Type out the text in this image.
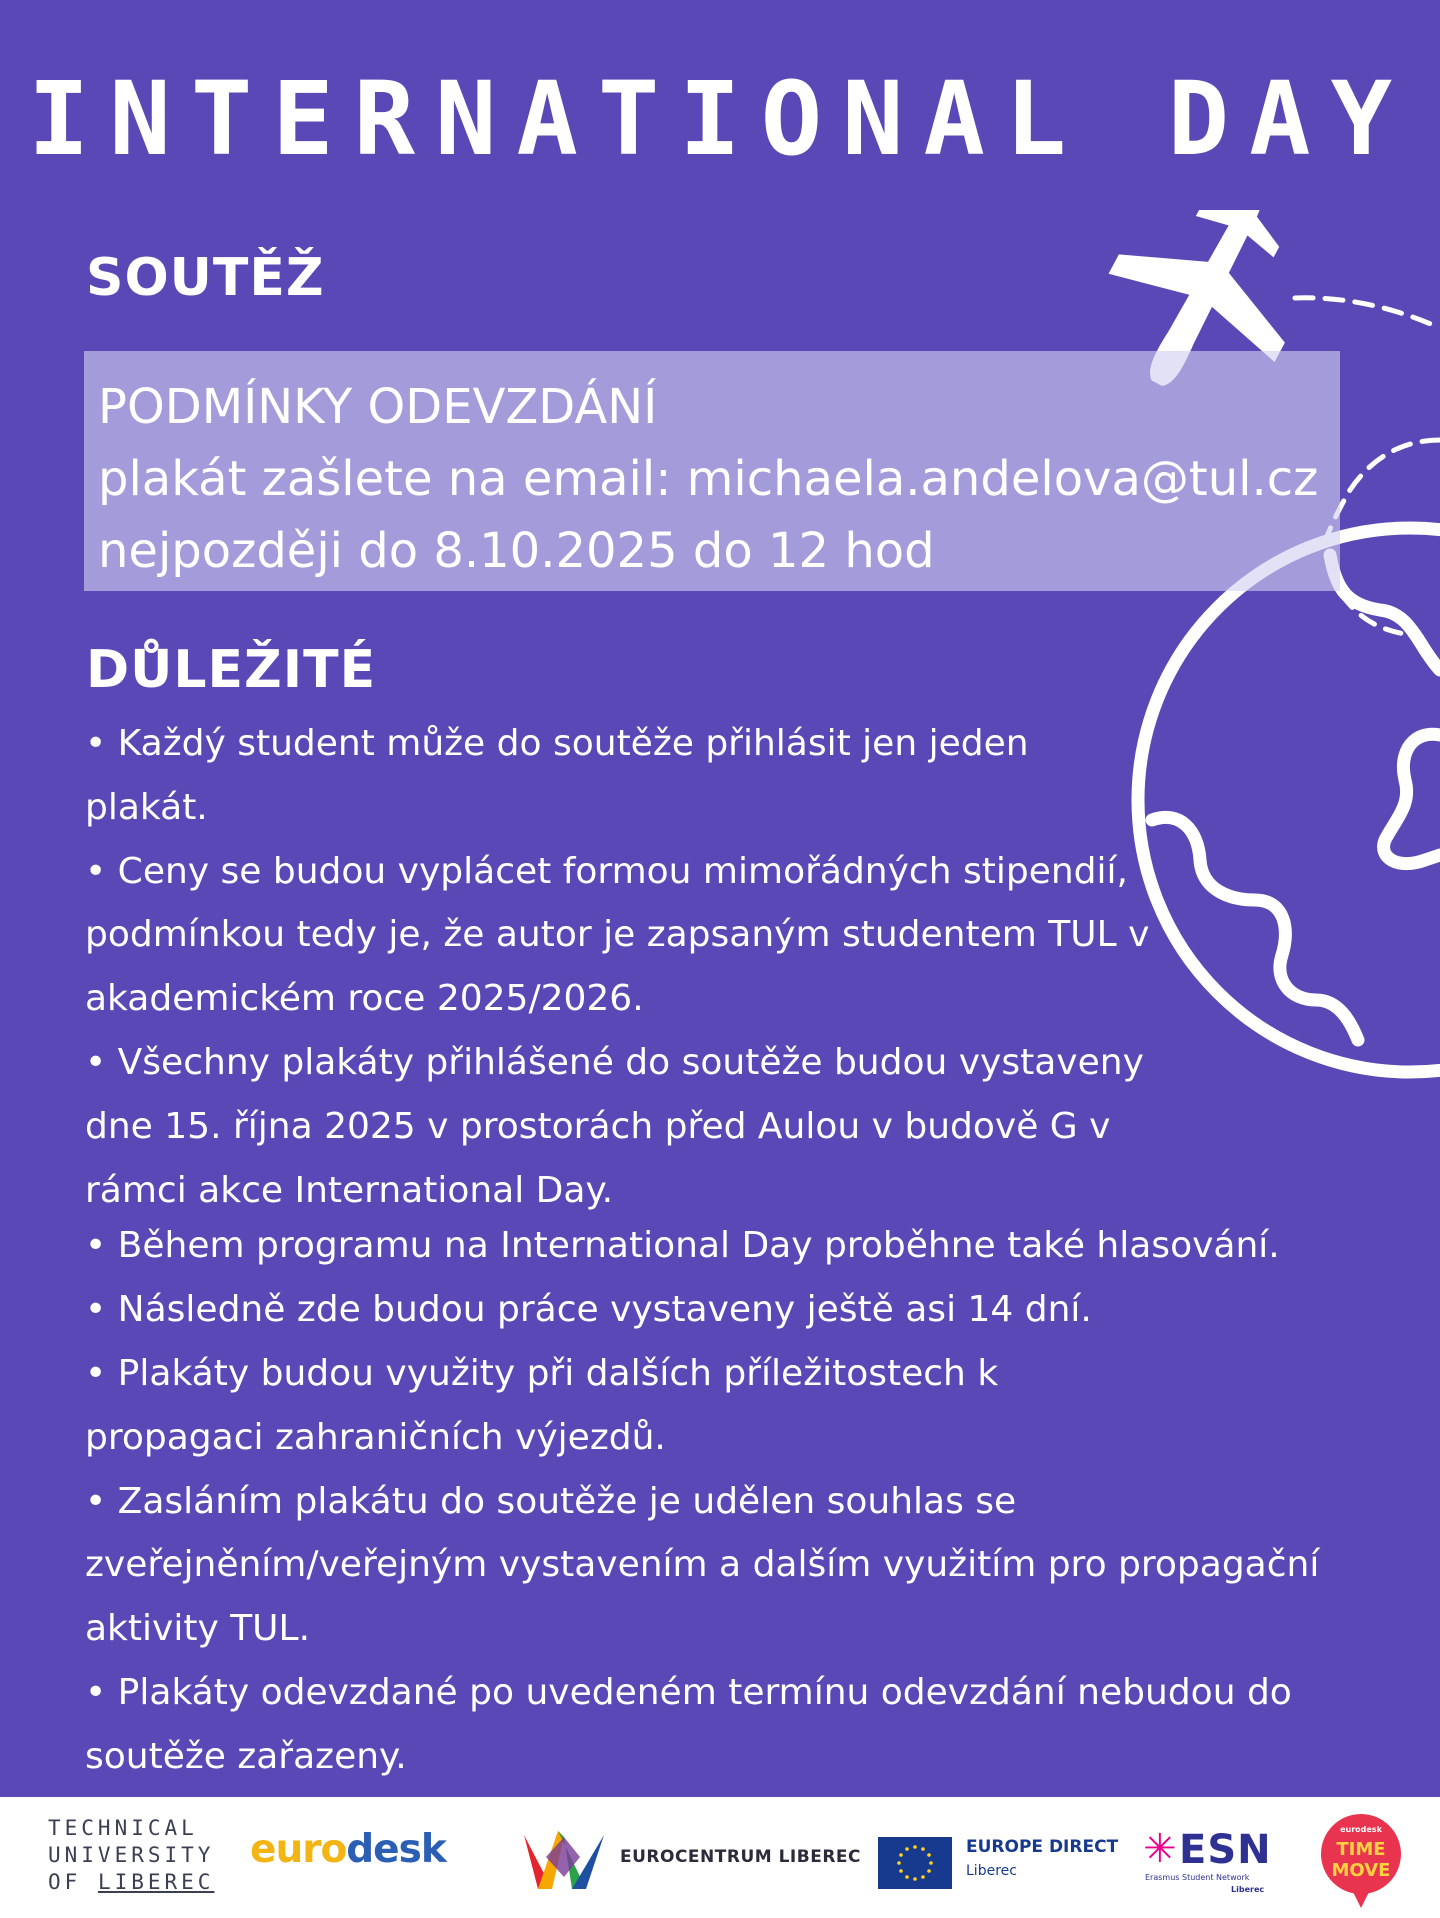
INTERNATIONAL DAY
SOUTĚŽ
PODMÍNKY ODEVZDÁNÍ
plakát zašlete na email: michaela.andelova@tul.cz
nejpozději do 8.10.2025 do 12 hod
DŮLEŽITÉ
• Každý student může do soutěže přihlásit jen jeden plakát.
• Ceny se budou vyplácet formou mimořádných stipendií, podmínkou tedy je, že autor je zapsaným studentem TUL v akademickém roce 2025/2026.
• Všechny plakáty přihlášené do soutěže budou vystaveny dne 15. října 2025 v prostorách před Aulou v budově G v rámci akce International Day.
• Během programu na International Day proběhne také hlasování.
• Následně zde budou práce vystaveny ještě asi 14 dní.
• Plakáty budou využity při dalších příležitostech k propagaci zahraničních výjezdů.
• Zasláním plakátu do soutěže je udělen souhlas se zveřejněním/veřejným vystavením a dalším využitím pro propagační aktivity TUL.
• Plakáty odevzdané po uvedeném termínu odevzdání nebudou do soutěže zařazeny.
TECHNICAL
UNIVERSITY
OF LIBEREC
eurodesk	EUROCENTRUM LIBEREC	EUROPE DIRECT
Liberec	✳ ESN
Erasmus Student Network
Liberec
eurodesk
TIME
MOVE
